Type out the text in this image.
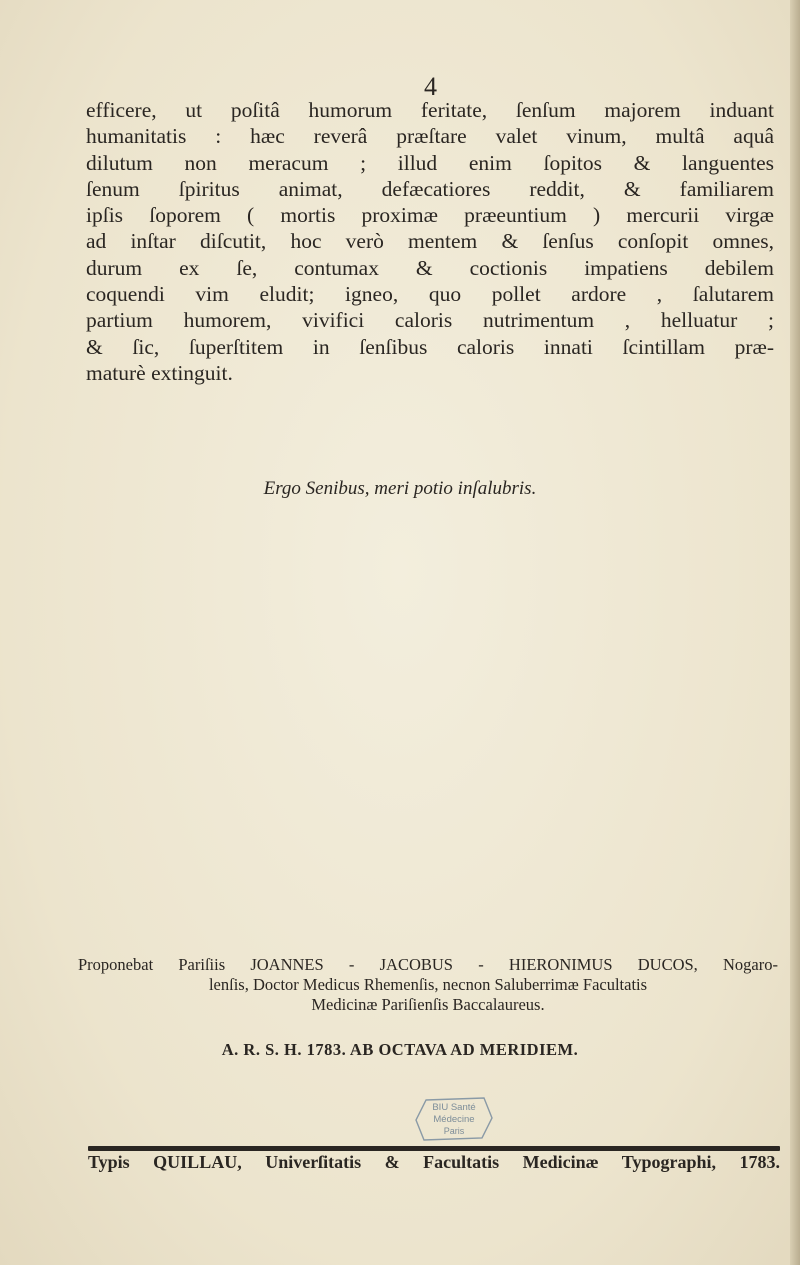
4
efficere, ut poſitâ humorum feritate, ſenſum majorem induant
humanitatis : hæc reverâ præſtare valet vinum, multâ aquâ
dilutum non meracum ; illud enim ſopitos & languentes
ſenum ſpiritus animat, defæcatiores reddit, & familiarem
ipſis ſoporem ( mortis proximæ præeuntium ) mercurii virgæ
ad inſtar diſcutit, hoc verò mentem & ſenſus conſopit omnes,
durum ex ſe, contumax & coctionis impatiens debilem
coquendi vim eludit; igneo, quo pollet ardore , ſalutarem
partium humorem, vivifici caloris nutrimentum , helluatur ;
& ſic, ſuperſtitem in ſenſibus caloris innati ſcintillam præ-
maturè extinguit.
Ergo Senibus, meri potio inſalubris.
Proponebat Pariſiis JOANNES - JACOBUS - HIERONIMUS DUCOS, Nogaro-
lenſis, Doctor Medicus Rhemenſis, necnon Saluberrimæ Facultatis
Medicinæ Pariſienſis Baccalaureus.
A. R. S. H. 1783. AB OCTAVA AD MERIDIEM.
BIU Santé
Médecine
Paris
Typis QUILLAU, Univerſitatis & Facultatis Medicinæ Typographi, 1783.
